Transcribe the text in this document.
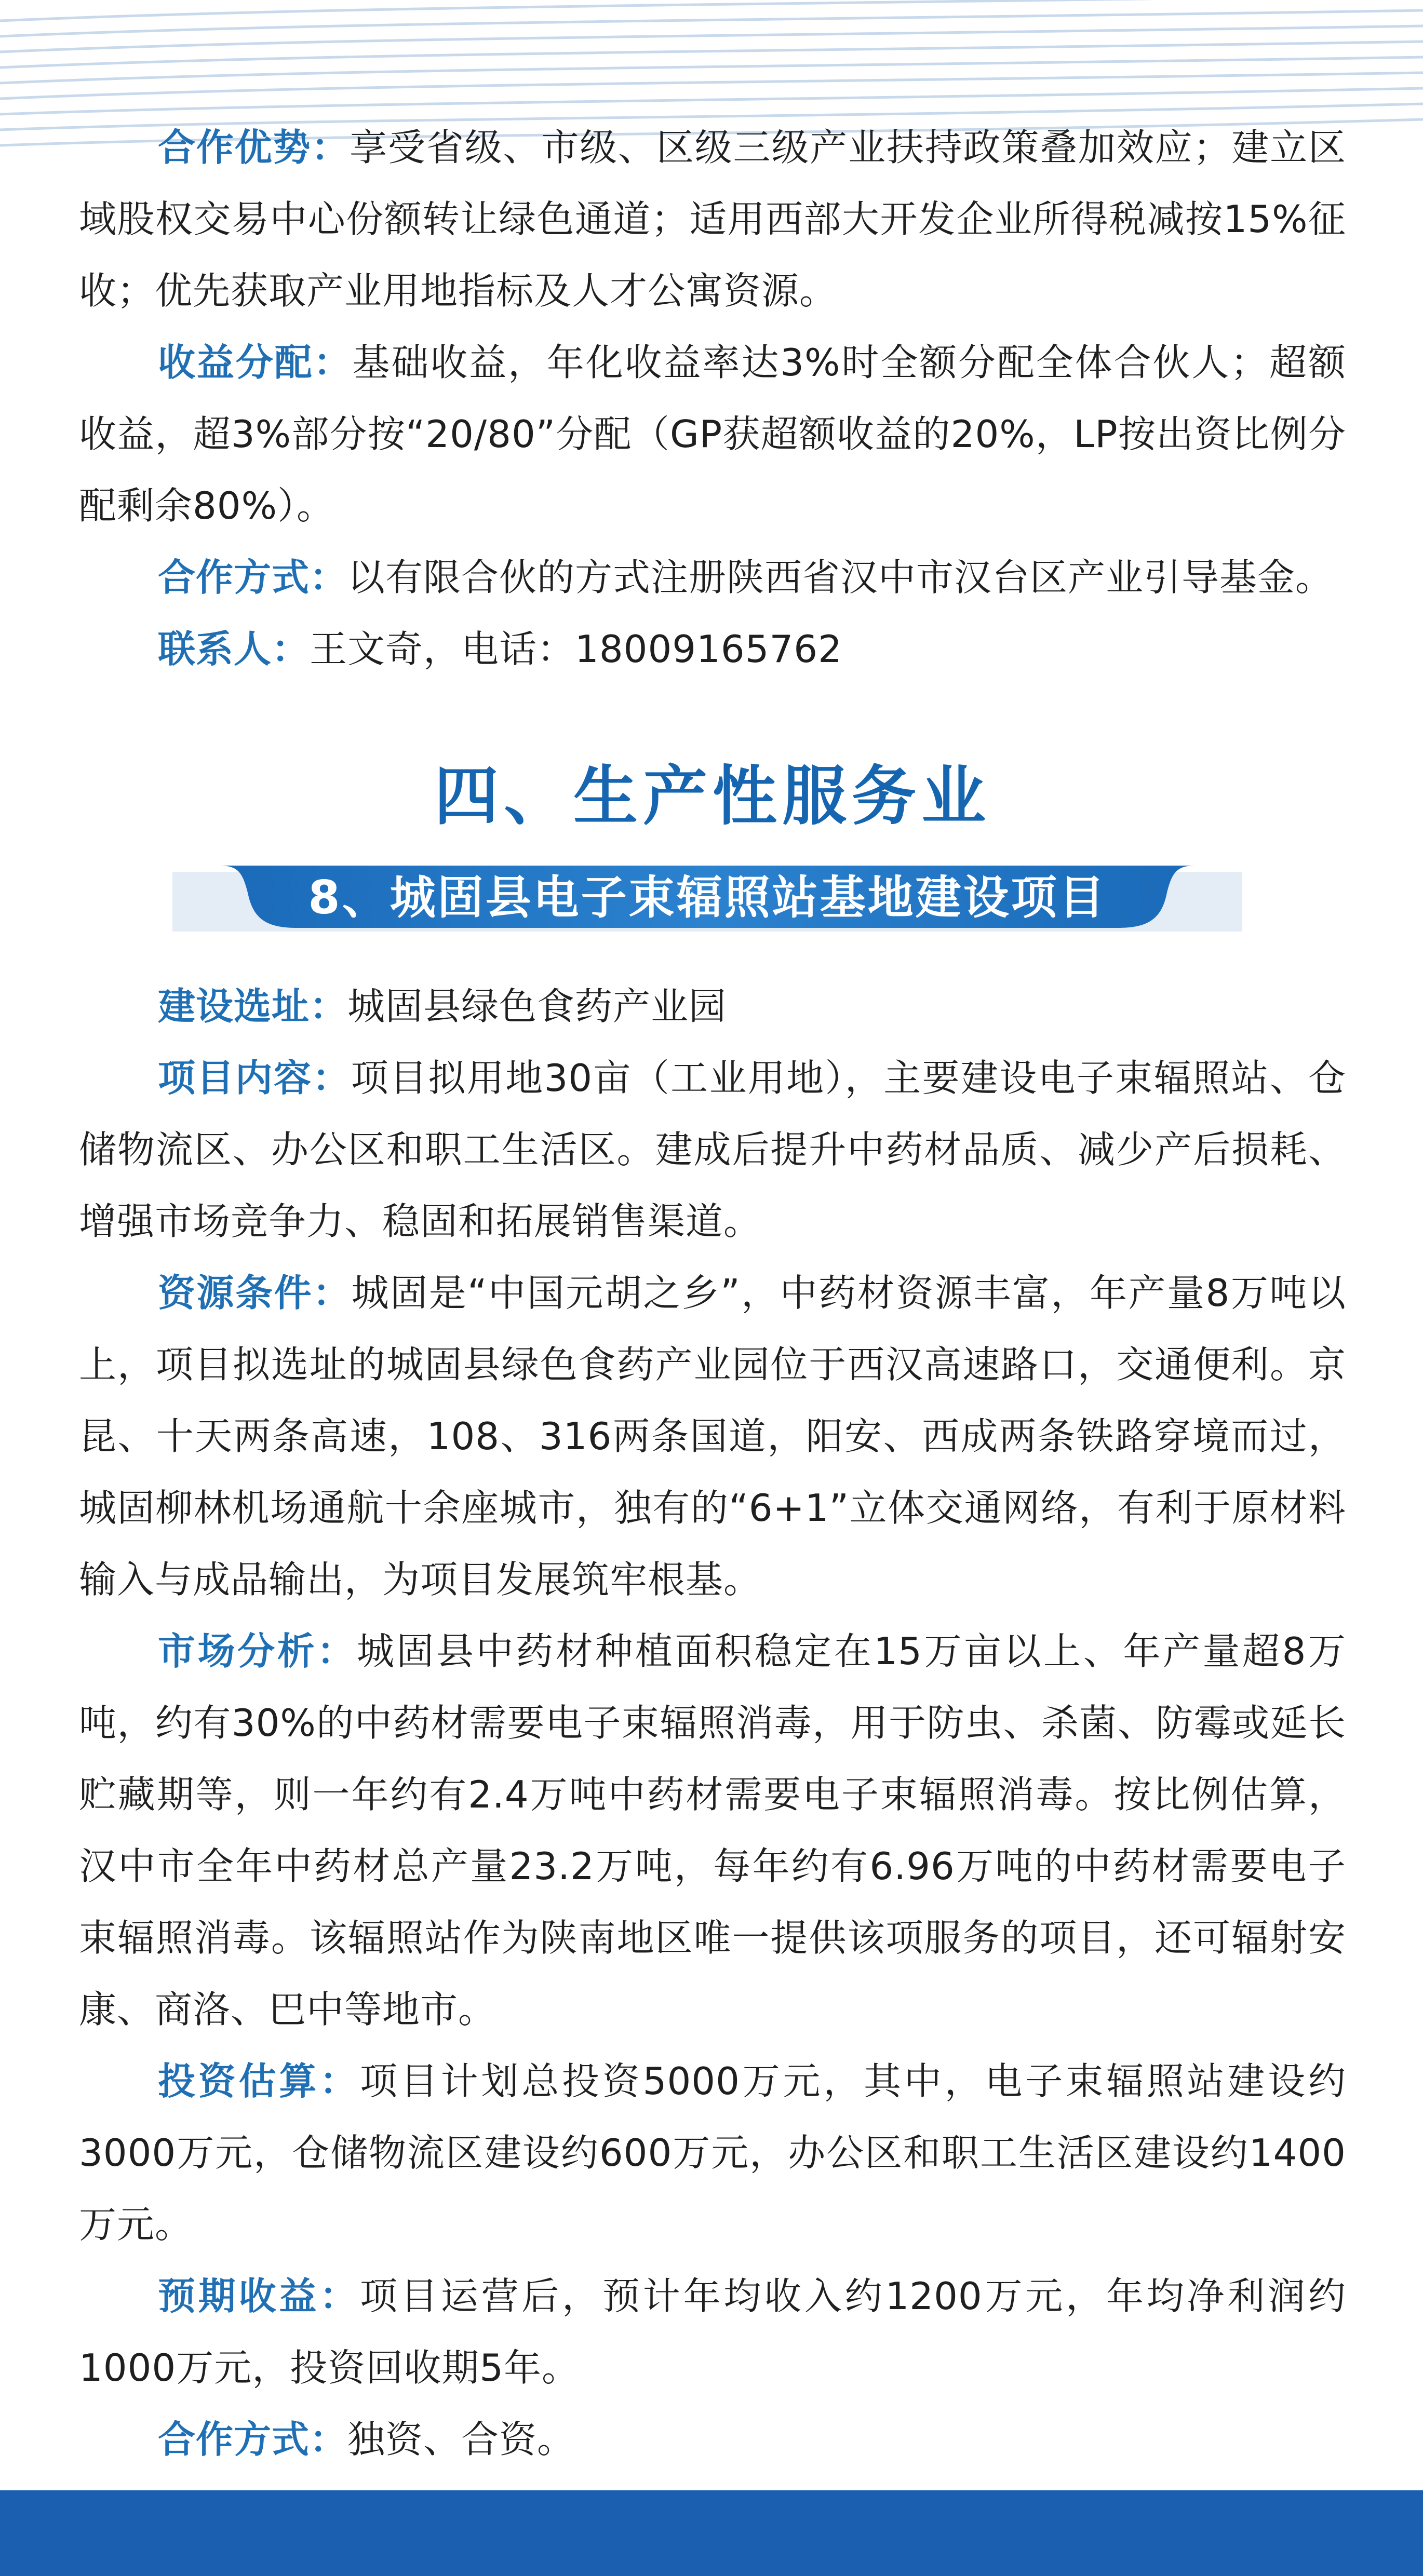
合作优势：享受省级、市级、区级三级产业扶持政策叠加效应；建立区域股权交易中心份额转让绿色通道；适用西部大开发企业所得税减按15%征收；优先获取产业用地指标及人才公寓资源。

收益分配：基础收益，年化收益率达3%时全额分配全体合伙人；超额收益，超3%部分按“20/80”分配（GP获超额收益的20%，LP按出资比例分配剩余80%）。

合作方式：以有限合伙的方式注册陕西省汉中市汉台区产业引导基金。

联系人：王文奇，电话：18009165762

四、生产性服务业
8、城固县电子束辐照站基地建设项目

建设选址：城固县绿色食药产业园

项目内容：项目拟用地30亩（工业用地），主要建设电子束辐照站、仓储物流区、办公区和职工生活区。建成后提升中药材品质、减少产后损耗、增强市场竞争力、稳固和拓展销售渠道。

资源条件：城固是“中国元胡之乡”，中药材资源丰富，年产量8万吨以上，项目拟选址的城固县绿色食药产业园位于西汉高速路口，交通便利。京昆、十天两条高速，108、316两条国道，阳安、西成两条铁路穿境而过，城固柳林机场通航十余座城市，独有的“6+1”立体交通网络，有利于原材料输入与成品输出，为项目发展筑牢根基。

市场分析：城固县中药材种植面积稳定在15万亩以上、年产量超8万吨，约有30%的中药材需要电子束辐照消毒，用于防虫、杀菌、防霉或延长贮藏期等，则一年约有2.4万吨中药材需要电子束辐照消毒。按比例估算，汉中市全年中药材总产量23.2万吨，每年约有6.96万吨的中药材需要电子束辐照消毒。该辐照站作为陕南地区唯一提供该项服务的项目，还可辐射安康、商洛、巴中等地市。

投资估算：项目计划总投资5000万元，其中，电子束辐照站建设约3000万元，仓储物流区建设约600万元，办公区和职工生活区建设约1400万元。

预期收益：项目运营后，预计年均收入约1200万元，年均净利润约1000万元，投资回收期5年。

合作方式：独资、合资。
